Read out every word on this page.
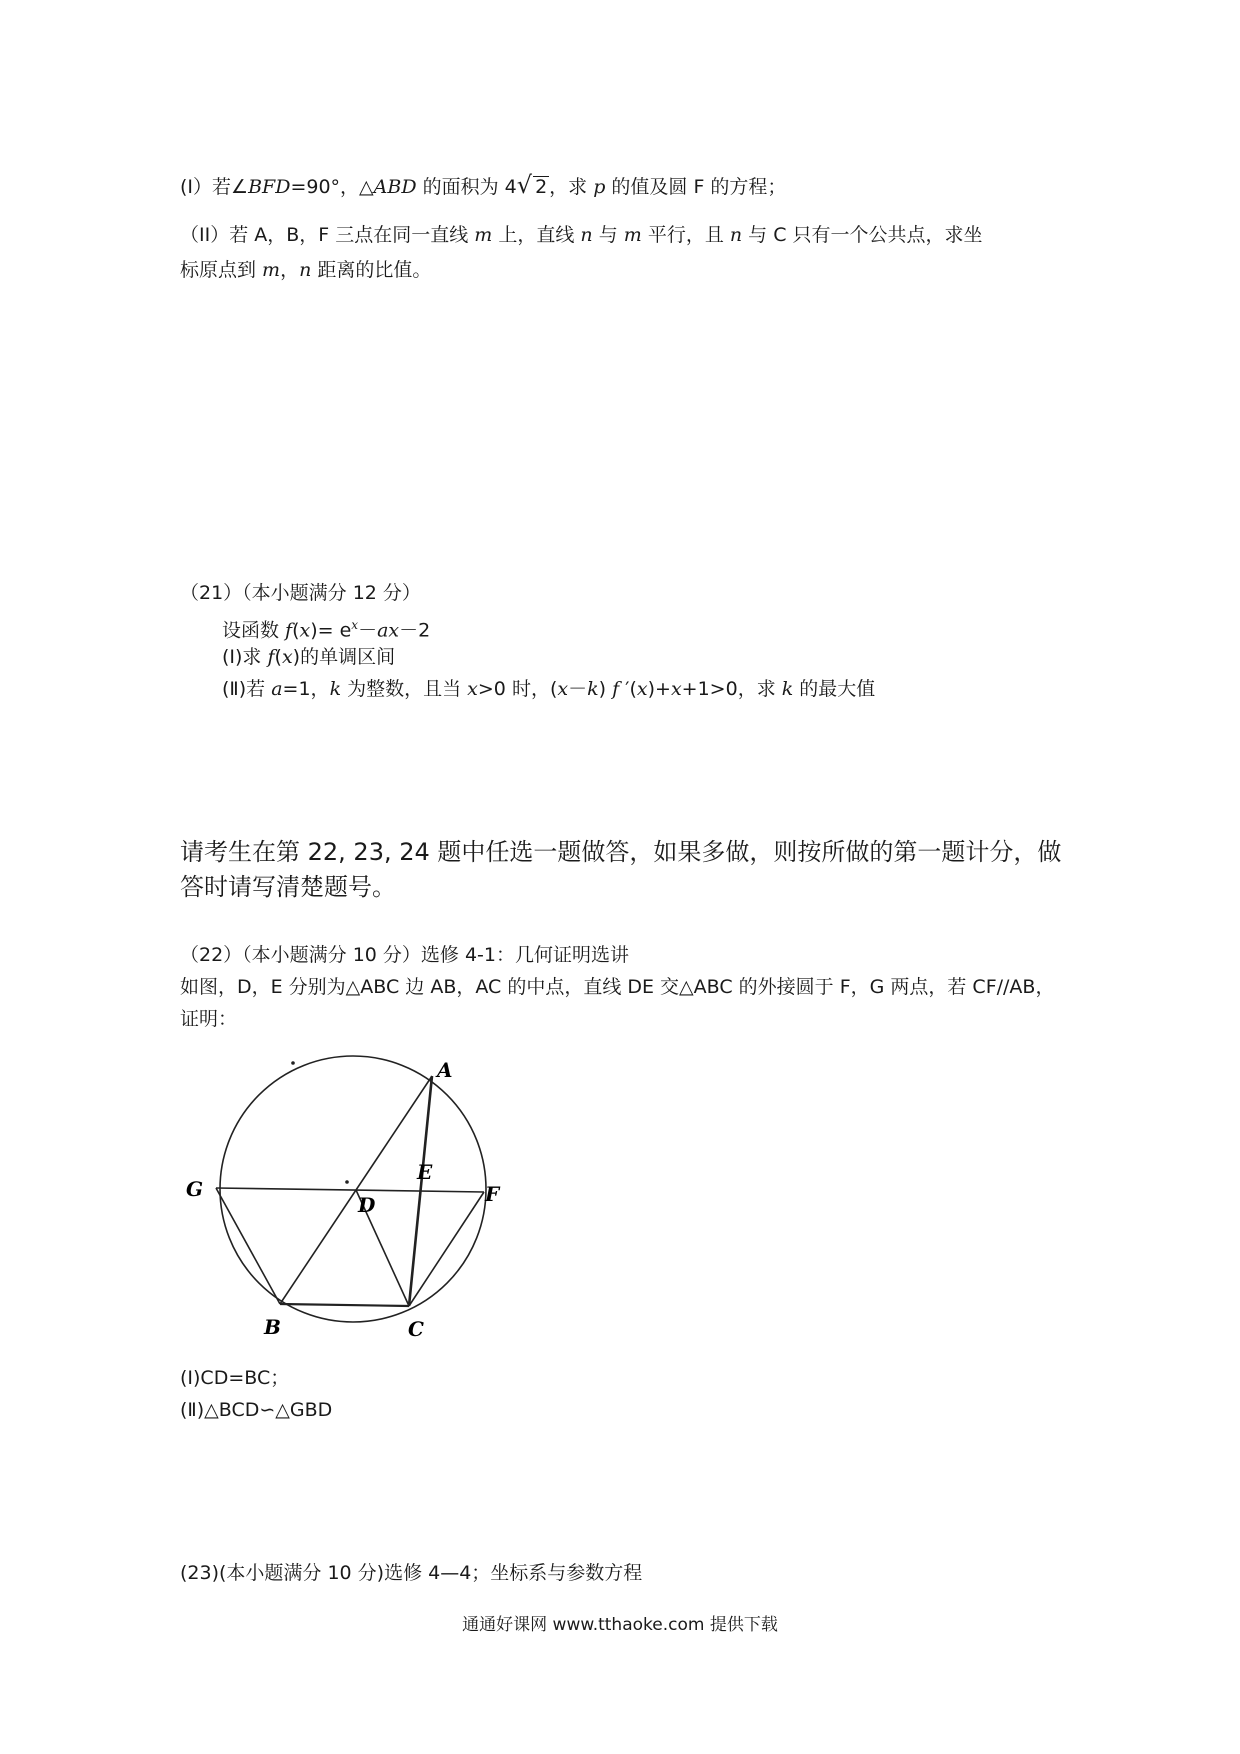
(I）若∠BFD=90°，△ABD 的面积为 4√ 2 ，求 p 的值及圆 F 的方程；
（II）若 A，B，F 三点在同一直线 m 上，直线 n 与 m 平行，且 n 与 C 只有一个公共点，求坐
标原点到 m，n 距离的比值。
（21）（本小题满分 12 分）
设函数 $f(x)= e^x-ax-2$
(Ⅰ)求 f(x)的单调区间
(Ⅱ)若 a=1，k 为整数，且当 x>0 时，(x－k) f ′(x)+x+1>0，求 k 的最大值
请考生在第 22, 23, 24 题中任选一题做答，如果多做，则按所做的第一题计分，做
答时请写清楚题号。
（22）（本小题满分 10 分）选修 4-1：几何证明选讲
如图，D，E 分别为△ABC 边 AB，AC 的中点，直线 DE 交△ABC 的外接圆于 F，G 两点，若 CF//AB，
证明：
A
G
E
D	F
B	C
(Ⅰ)CD=BC；
(Ⅱ)△BCD∽△GBD
(23)(本小题满分 10 分)选修 4—4；坐标系与参数方程
通通好课网 www.tthaoke.com 提供下载
